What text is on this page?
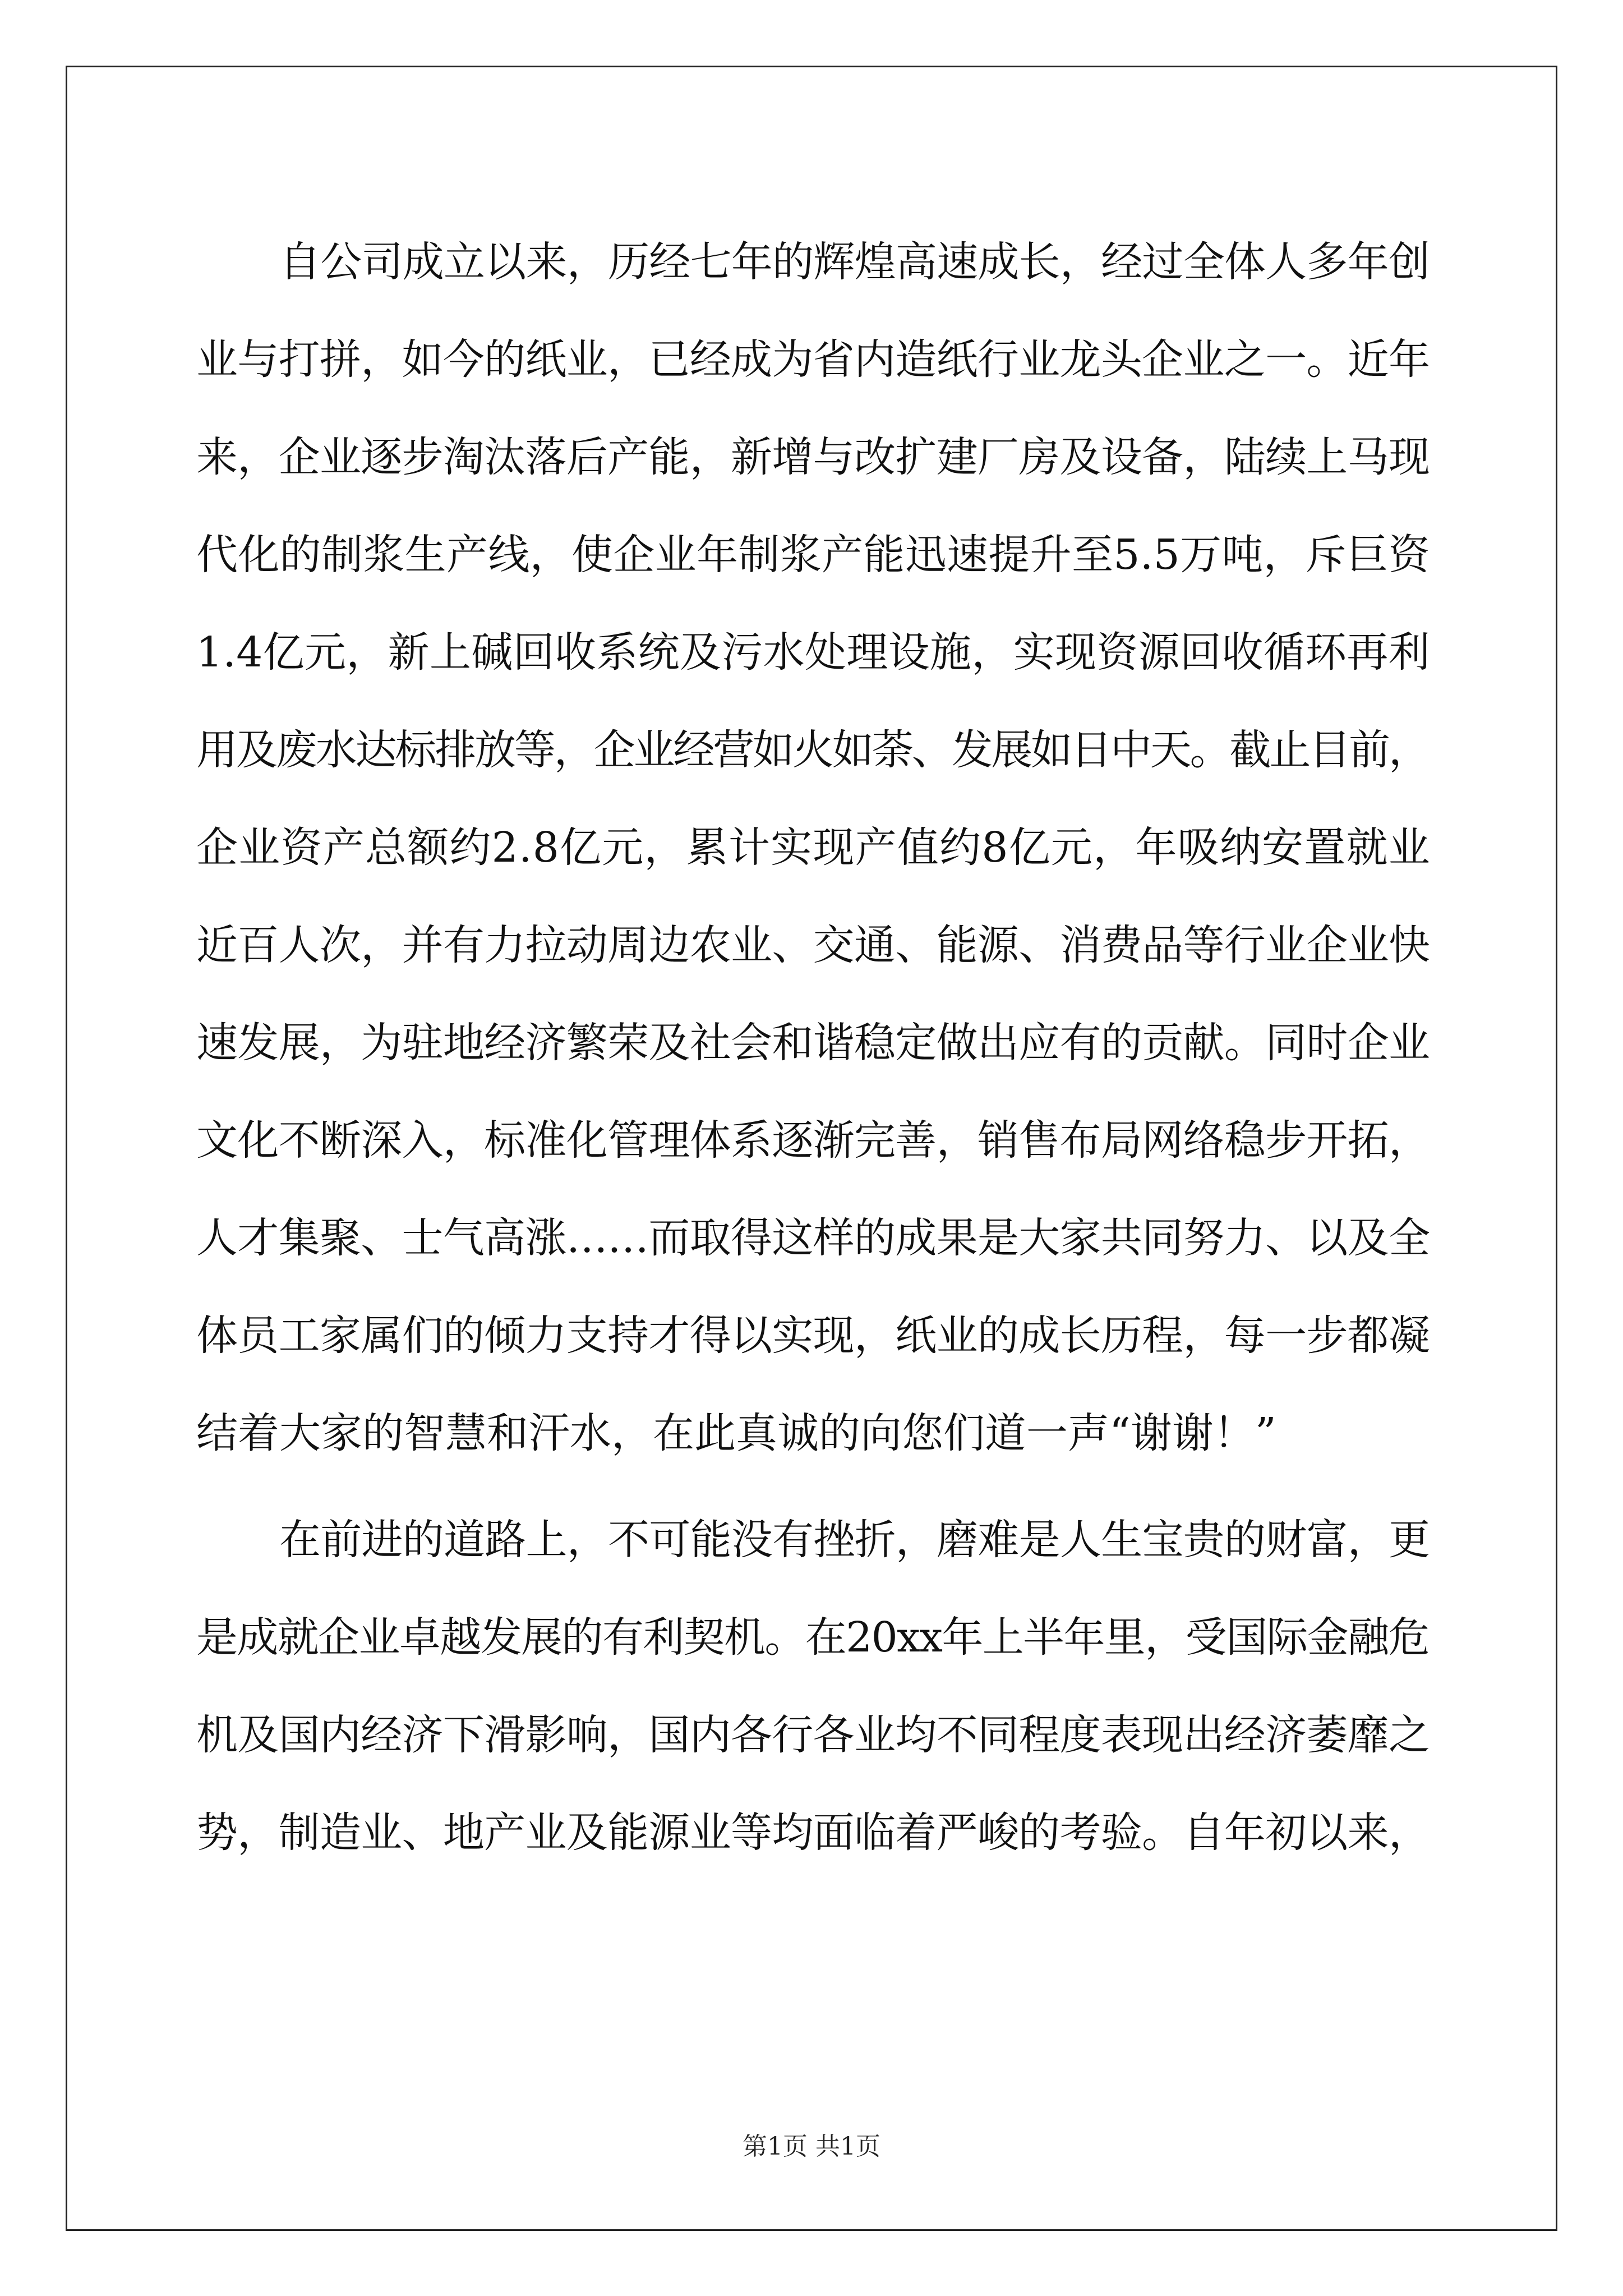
自公司成立以来，历经七年的辉煌高速成长，经过全体人多年创
业与打拼，如今的纸业，已经成为省内造纸行业龙头企业之一。近年
来，企业逐步淘汰落后产能，新增与改扩建厂房及设备，陆续上马现
代化的制浆生产线，使企业年制浆产能迅速提升至5.5万吨，斥巨资
1.4亿元，新上碱回收系统及污水处理设施，实现资源回收循环再利
用及废水达标排放等，企业经营如火如荼、发展如日中天。截止目前，
企业资产总额约2.8亿元，累计实现产值约8亿元，年吸纳安置就业
近百人次，并有力拉动周边农业、交通、能源、消费品等行业企业快
速发展，为驻地经济繁荣及社会和谐稳定做出应有的贡献。同时企业
文化不断深入，标准化管理体系逐渐完善，销售布局网络稳步开拓，
人才集聚、士气高涨……而取得这样的成果是大家共同努力、以及全
体员工家属们的倾力支持才得以实现，纸业的成长历程，每一步都凝
结着大家的智慧和汗水，在此真诚的向您们道一声“谢谢！”
在前进的道路上，不可能没有挫折，磨难是人生宝贵的财富，更
是成就企业卓越发展的有利契机。在20xx年上半年里，受国际金融危
机及国内经济下滑影响，国内各行各业均不同程度表现出经济萎靡之
势，制造业、地产业及能源业等均面临着严峻的考验。自年初以来，
第1页 共1页
